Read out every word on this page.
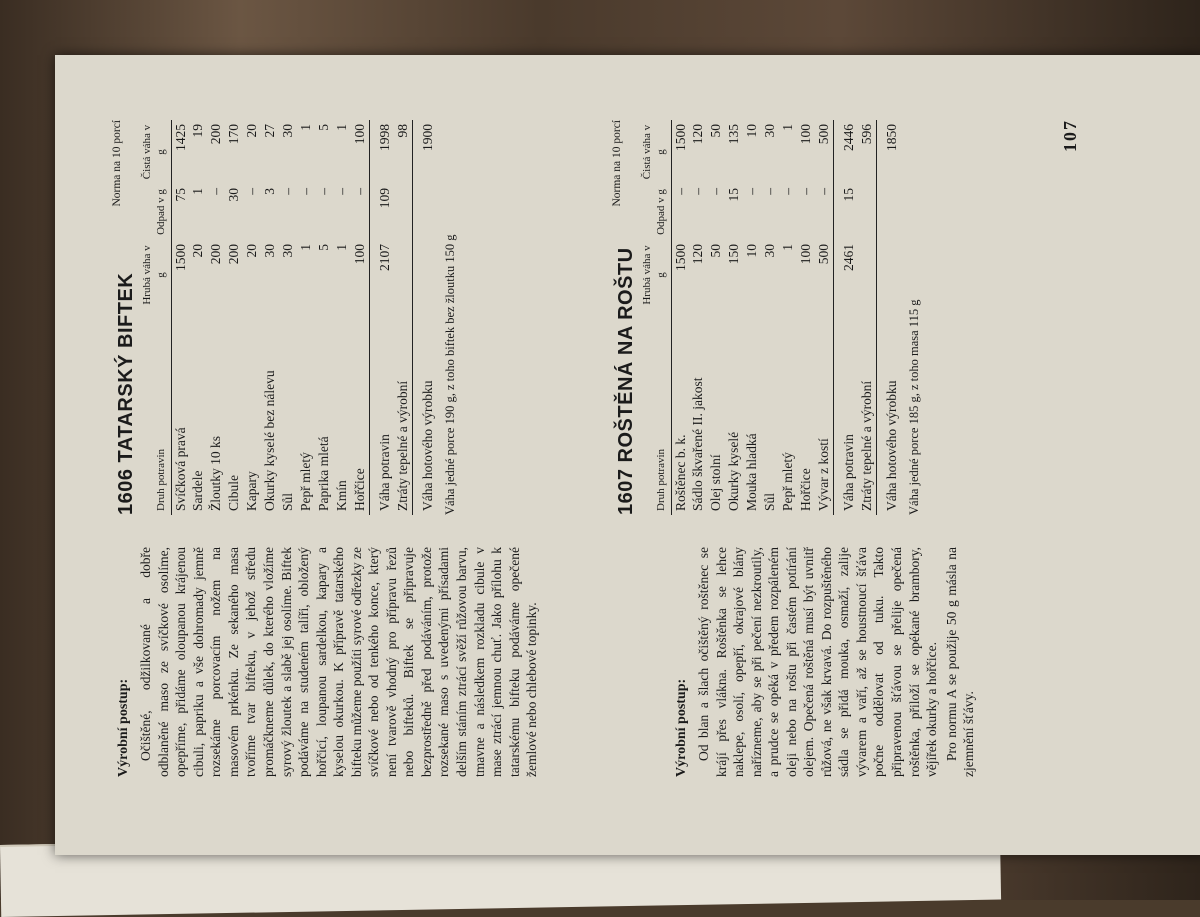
Výrobní postup: Očištěné, odžilkované a dobře odblaněné maso ze svíčkové osolíme, opepříme, přidáme oloupanou krájenou cibuli, papriku a vše dohromady jemně rozsekáme porcovacím nožem na masovém prkénku. Ze sekaného masa tvoříme tvar bifteku, v jehož středu promáčkneme důlek, do kterého vložíme syrový žloutek a slabě jej osolíme. Biftek podáváme na studeném talíři, obložený hořčicí, loupanou sardelkou, kapary a kyselou okurkou. K přípravě tatarského bifteku můžeme použíti syrové odřezky ze svíčkové nebo od tenkého konce, který není tvarově vhodný pro přípravu řezů nebo bifteků. Biftek se připravuje bezprostředně před podáváním, protože rozsekané maso s uvedenými přísadami delším stáním ztrácí svěží růžovou barvu, tmavne a následkem rozkladu cibule v mase ztrácí jemnou chuť. Jako přílohu k tatarskému bifteku podáváme opečené žemlové nebo chlebové topinky.	Výrobní postup: Od blan a šlach očištěný roštěnec se krájí přes vlákna. Roštěnka se lehce naklepe, osolí, opepří, okrajové blány nařízneme, aby se při pečení nezkroutily, a prudce se opéká v předem rozpáleném oleji nebo na roštu při častém potírání olejem. Opečená roštěná musí být uvnitř růžová, ne však krvavá. Do rozpuštěného sádla se přidá mouka, osmaží, zalije vývarem a vaří, až se houstnoucí šťáva počne oddělovat od tuku. Takto připravenou šťávou se přelije opečená roštěnka, přiloží se opékané brambory, vějířek okurky a hořčice. Pro normu A se použije 50 g másla na zjemnění šťávy.

1606 TATARSKÝ BIFTEK
Norma na 10 porcí
Druh potravin	Hrubá váha v g	Odpad v g	Čistá váha v g
Svíčková pravá	1500	75	1425
Sardele	20	1	19
Žloutky 10 ks	200	–	200
Cibule	200	30	170
Kapary	20	–	20
Okurky kyselé bez nálevu	30	3	27
Sůl	30	–	30
Pepř mletý	1	–	1
Paprika mletá	5	–	5
Kmín	1	–	1
Hořčice	100	–	100
Váha potravin	2107	109	1998
Ztráty tepelné a výrobní			98
Váha hotového výrobku			1900
Váha jedné porce 190 g, z toho biftek bez žloutku 150 g	1607 ROŠTĚNÁ NA ROŠTU
Norma na 10 porcí
Druh potravin	Hrubá váha v g	Odpad v g	Čistá váha v g
Roštěnec b. k.	1500	–	1500
Sádlo škvařené II. jakost	120	–	120
Olej stolní	50	–	50
Okurky kyselé	150	15	135
Mouka hladká	10	–	10
Sůl	30	–	30
Pepř mletý	1	–	1
Hořčice	100	–	100
Vývar z kostí	500	–	500
Váha potravin	2461	15	2446
Ztráty tepelné a výrobní			596
Váha hotového výrobku			1850
Váha jedné porce 185 g, z toho masa 115 g
107
